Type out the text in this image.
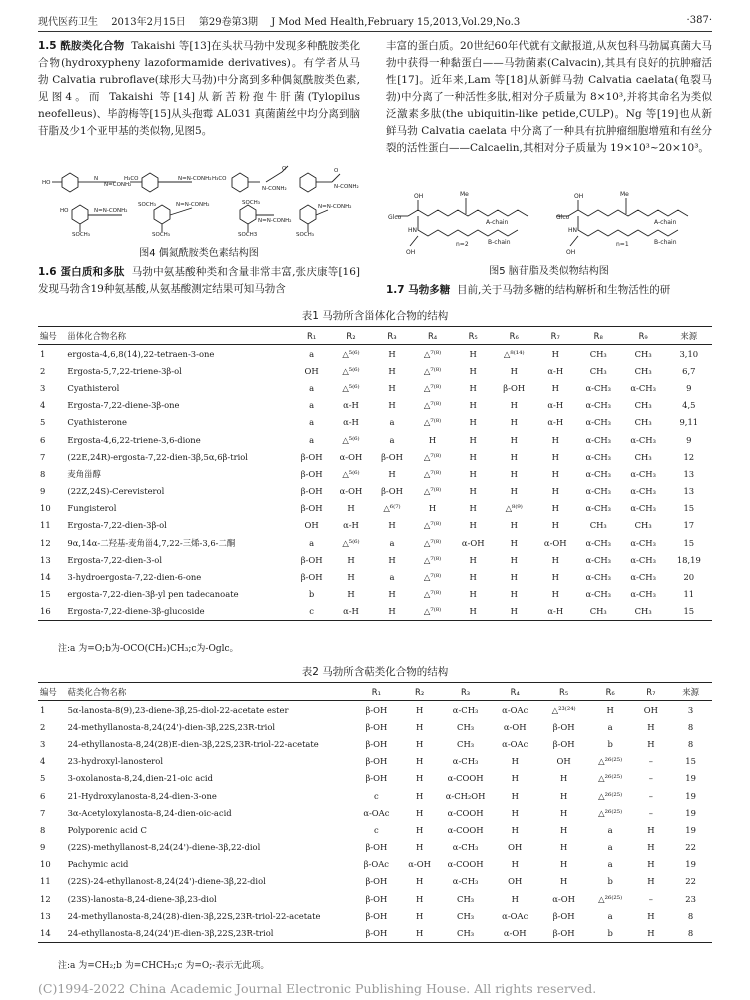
现代医药卫生 2013年2月15日 第29卷第3期 J Mod Med Health,February 15,2013,Vol.29,No.3	·387·

1.5 酰胺类化合物 Takaishi 等[13]在头状马勃中发现多种酰胺类化合物(hydroxypheny lazoformamide derivatives)。有学者从马勃 Calvatia rubroflave(球形大马勃)中分离到多种偶氮酰胺类色素,见图4。而 Takaishi 等[14]从新苦粉孢牛肝菌(Tylopilus neofelleus)、毕韵梅等[15]从头孢霉 AL031 真菌菌丝中均分离到脑苷脂及少1个亚甲基的类似物,见图5。

HO
N
N=CONH₂
H₃CO	N=N-CONH₂ H₃CO
N-CONH₂
O
N-CONH₂
O
HO	N=N-CONH₂
SOCH₃
SOCH₃	N=N-CONH₂
SOCH₃
SOCH₃
N=N-CONH₂
SOCH3
N=N-CONH₂
SOCH₃
图4 偶氮酰胺类色素结构图

1.6 蛋白质和多肽 马勃中氨基酸种类和含量非常丰富,张庆康等[16]发现马勃含19种氨基酸,从氨基酸测定结果可知马勃含

丰富的蛋白质。20世纪60年代就有文献报道,从灰包科马勃属真菌大马勃中获得一种黏蛋白——马勃菌素(Calvacin),其具有良好的抗肿瘤活性[17]。近年来,Lam 等[18]从新鲜马勃 Calvatia caelata(龟裂马勃)中分离了一种活性多肽,相对分子质量为 8×10³,并将其命名为类似泛激素多肽(the ubiquitin-like petide,CULP)。Ng 等[19]也从新鲜马勃 Calvatia caelata 中分离了一种具有抗肿瘤细胞增殖和有丝分裂的活性蛋白——Calcaelin,其相对分子质量为 19×10³~20×10³。

Me
Glco
OH
HN
OH
A-chain
B-chain
n=2
Glco
OH
HN
OH
A-chain
B-chain
n=1
Me
图5 脑苷脂及类似物结构图

1.7 马勃多糖 目前,关于马勃多糖的结构解析和生物活性的研

表1 马勃所含甾体化合物的结构
编号	甾体化合物名称	R₁	R₂	R₃	R₄	R₅	R₆	R₇	R₈	R₉	来源
1	ergosta-4,6,8(14),22-tetraen-3-one	a	△⁵⁽⁶⁾	H	△⁷⁽⁸⁾	H	△⁸⁽¹⁴⁾	H	CH₃	CH₃	3,10
2	Ergosta-5,7,22-triene-3β-ol	OH	△⁵⁽⁶⁾	H	△⁷⁽⁸⁾	H	H	α-H	CH₃	CH₃	6,7
3	Cyathisterol	a	△⁵⁽⁶⁾	H	△⁷⁽⁸⁾	H	β-OH	H	α-CH₃	α-CH₃	9
4	Ergosta-7,22-diene-3β-one	a	α-H	H	△⁷⁽⁸⁾	H	H	α-H	α-CH₃	CH₃	4,5
5	Cyathisterone	a	α-H	a	△⁷⁽⁸⁾	H	H	α-H	α-CH₃	CH₃	9,11
6	Ergosta-4,6,22-triene-3,6-dione	a	△⁵⁽⁶⁾	a	H	H	H	H	α-CH₃	α-CH₃	9
7	(22E,24R)-ergosta-7,22-dien-3β,5α,6β-triol	β-OH	α-OH	β-OH	△⁷⁽⁸⁾	H	H	H	α-CH₃	CH₃	12
8	麦角甾醇	β-OH	△⁵⁽⁶⁾	H	△⁷⁽⁸⁾	H	H	H	α-CH₃	α-CH₃	13
9	(22Z,24S)-Cerevisterol	β-OH	α-OH	β-OH	△⁷⁽⁸⁾	H	H	H	α-CH₃	α-CH₃	13
10	Fungisterol	β-OH	H	△⁶⁽⁷⁾	H	H	△⁸⁽⁹⁾	H	α-CH₃	α-CH₃	15
11	Ergosta-7,22-dien-3β-ol	OH	α-H	H	△⁷⁽⁸⁾	H	H	H	CH₃	CH₃	17
12	9α,14α-二羟基-麦角甾4,7,22-三烯-3,6-二酮	a	△⁵⁽⁶⁾	a	△⁷⁽⁸⁾	α-OH	H	α-OH	α-CH₃	α-CH₃	15
13	Ergosta-7,22-dien-3-ol	β-OH	H	H	△⁷⁽⁸⁾	H	H	H	α-CH₃	α-CH₃	18,19
14	3-hydroergosta-7,22-dien-6-one	β-OH	H	a	△⁷⁽⁸⁾	H	H	H	α-CH₃	α-CH₃	20
15	ergosta-7,22-dien-3β-yl pen tadecanoate	b	H	H	△⁷⁽⁸⁾	H	H	H	α-CH₃	α-CH₃	11
16	Ergosta-7,22-diene-3β-glucoside	c	α-H	H	△⁷⁽⁸⁾	H	H	α-H	CH₃	CH₃	15
注:a 为=O;b为-OCO(CH₂)CH₃;c为-Oglc。
表2 马勃所含萜类化合物的结构
编号	萜类化合物名称	R₁	R₂	R₃	R₄	R₅	R₆	R₇	来源
1	5α-lanosta-8(9),23-diene-3β,25-diol-22-acetate ester	β-OH	H	α-CH₃	α-OAc	△²³⁽²⁴⁾	H	OH	3
2	24-methyllanosta-8,24(24')-dien-3β,22S,23R-triol	β-OH	H	CH₃	α-OH	β-OH	a	H	8
3	24-ethyllanosta-8,24(28)E-dien-3β,22S,23R-triol-22-acetate	β-OH	H	CH₃	α-OAc	β-OH	b	H	8
4	23-hydroxyl-lanosterol	β-OH	H	α-CH₃	H	OH	△²⁶⁽²⁵⁾	–	15
5	3-oxolanosta-8,24,dien-21-oic acid	β-OH	H	α-COOH	H	H	△²⁶⁽²⁵⁾	–	19
6	21-Hydroxylanosta-8,24-dien-3-one	c	H	α-CH₂OH	H	H	△²⁶⁽²⁵⁾	–	19
7	3α-Acetyloxylanosta-8,24-dien-oic-acid	α-OAc	H	α-COOH	H	H	△²⁶⁽²⁵⁾	–	19
8	Polyporenic acid C	c	H	α-COOH	H	H	a	H	19
9	(22S)-methyllanost-8,24(24')-diene-3β,22-diol	β-OH	H	α-CH₃	OH	H	a	H	22
10	Pachymic acid	β-OAc	α-OH	α-COOH	H	H	a	H	19
11	(22S)-24-ethyllanost-8,24(24')-diene-3β,22-diol	β-OH	H	α-CH₃	OH	H	b	H	22
12	(23S)-lanosta-8,24-diene-3β,23-diol	β-OH	H	CH₃	H	α-OH	△²⁶⁽²⁵⁾	–	23
13	24-methyllanosta-8,24(28)-dien-3β,22S,23R-triol-22-acetate	β-OH	H	CH₃	α-OAc	β-OH	a	H	8
14	24-ethyllanosta-8,24(24')E-dien-3β,22S,23R-triol	β-OH	H	CH₃	α-OH	β-OH	b	H	8
注:a 为=CH₂;b 为=CHCH₃;c 为=O;-表示无此项。
(C)1994-2022 China Academic Journal Electronic Publishing House. All rights reserved.
